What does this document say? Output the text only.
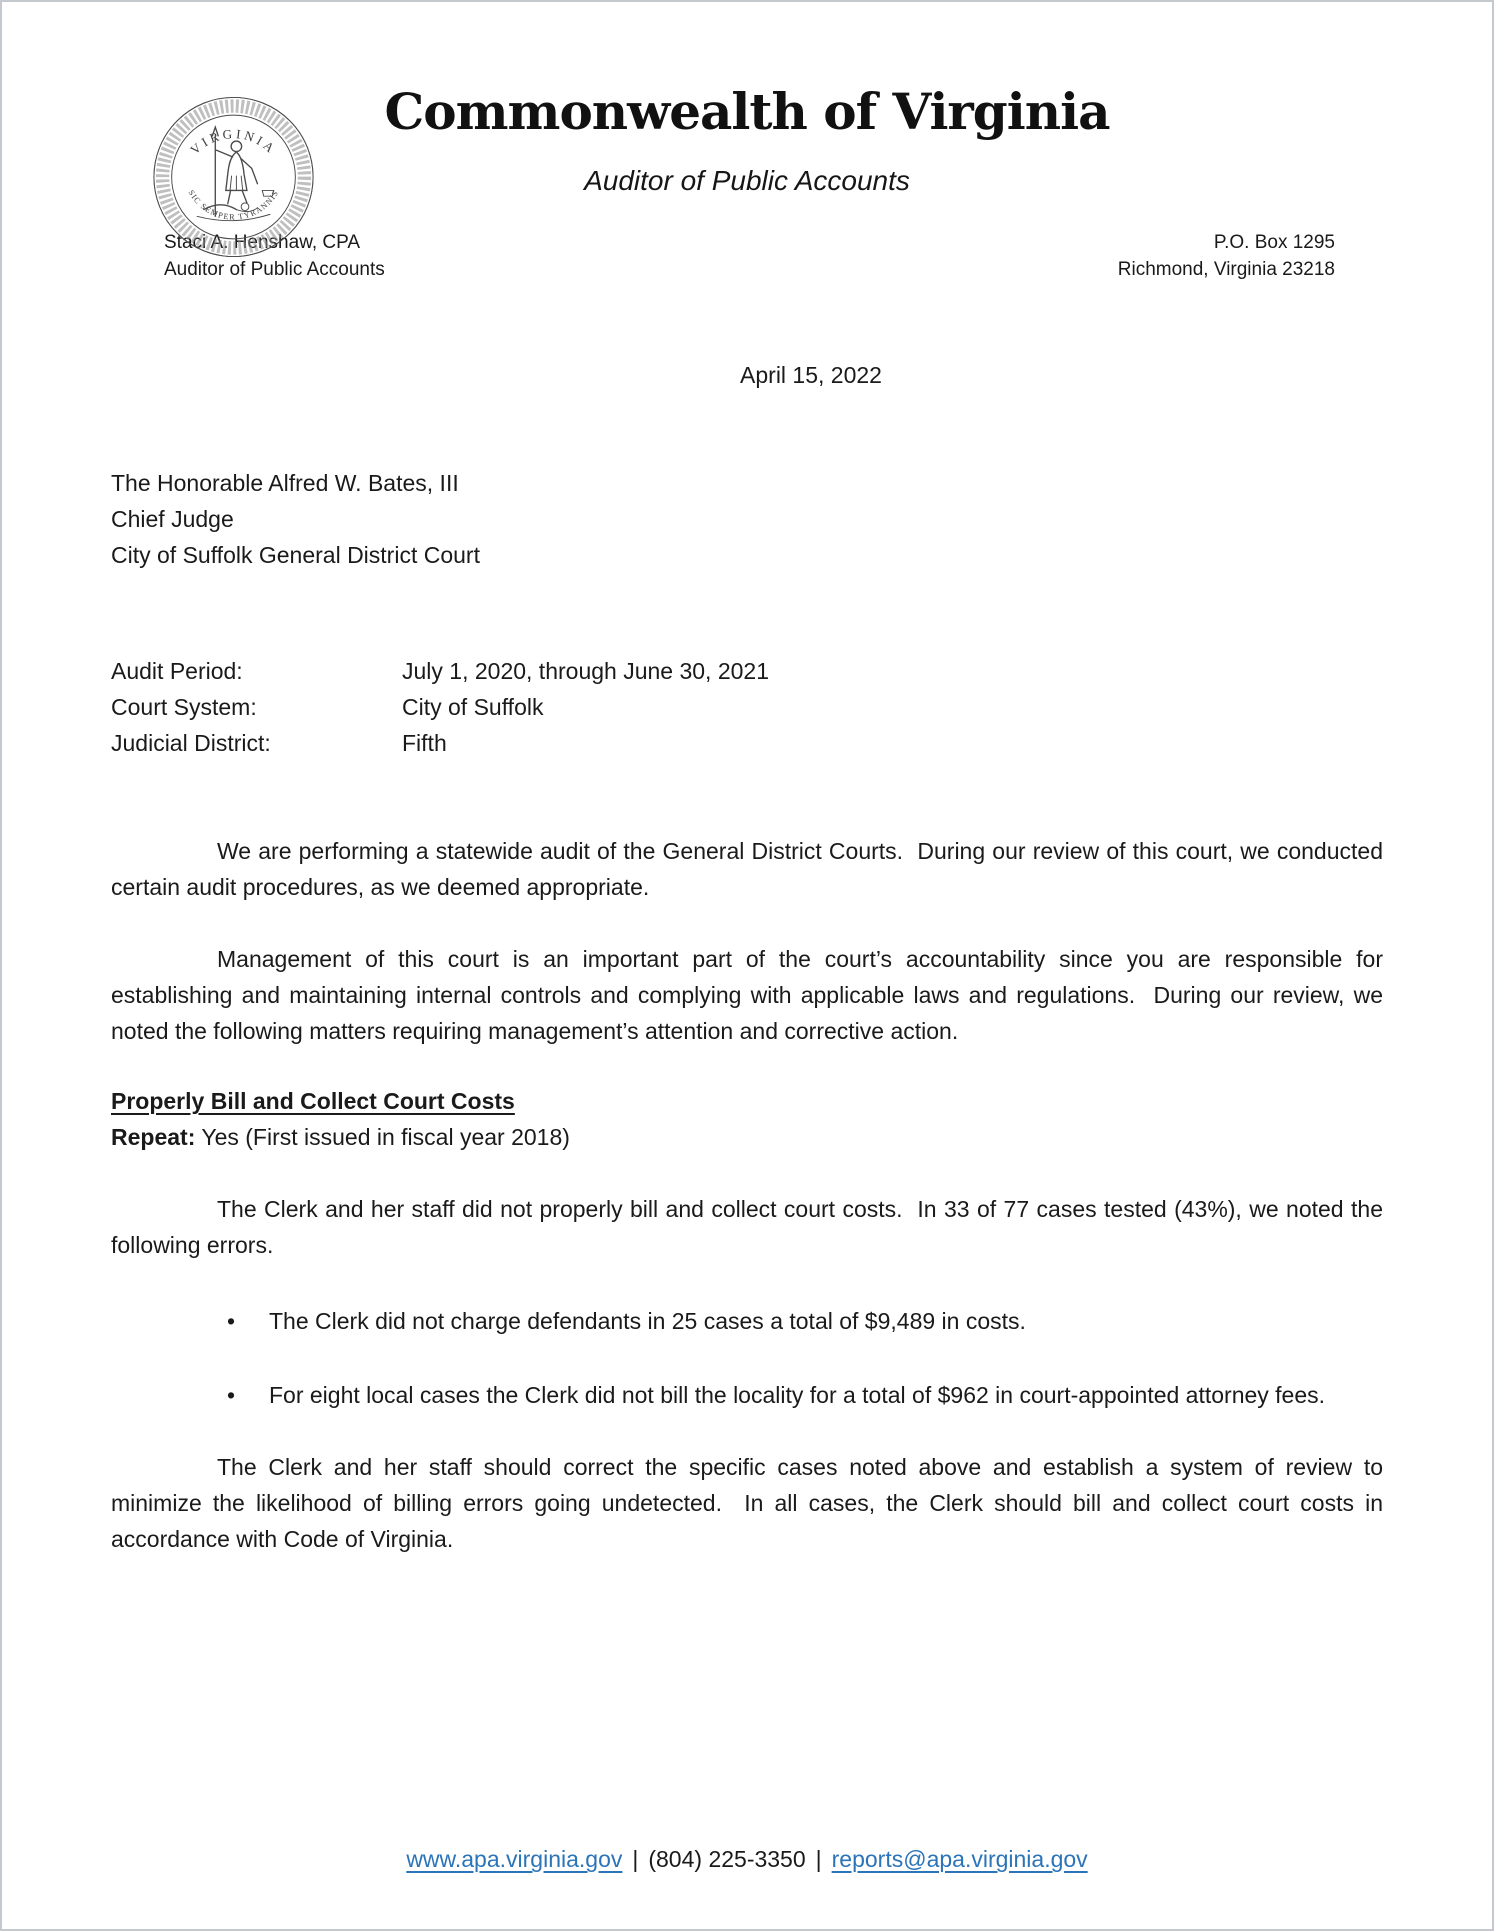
VIRGINIA
SIC SEMPER TYRANNIS
Commonwealth of Virginia
Auditor of Public Accounts
Staci A. Henshaw, CPA
Auditor of Public Accounts
P.O. Box 1295
Richmond, Virginia 23218
April 15, 2022
The Honorable Alfred W. Bates, III
Chief Judge
City of Suffolk General District Court
Audit Period:	July 1, 2020, through June 30, 2021
Court System:	City of Suffolk
Judicial District:	Fifth

We are performing a statewide audit of the General District Courts.  During our review of this court, we conducted certain audit procedures, as we deemed appropriate.

Management of this court is an important part of the court’s accountability since you are responsible for establishing and maintaining internal controls and complying with applicable laws and regulations.  During our review, we noted the following matters requiring management’s attention and corrective action.

Properly Bill and Collect Court Costs
Repeat: Yes (First issued in fiscal year 2018)

The Clerk and her staff did not properly bill and collect court costs.  In 33 of 77 cases tested (43%), we noted the following errors.

• The Clerk did not charge defendants in 25 cases a total of $9,489 in costs.
• For eight local cases the Clerk did not bill the locality for a total of $962 in court-appointed attorney fees.

The Clerk and her staff should correct the specific cases noted above and establish a system of review to minimize the likelihood of billing errors going undetected.  In all cases, the Clerk should bill and collect court costs in accordance with Code of Virginia.

www.apa.virginia.gov | (804) 225-3350 | reports@apa.virginia.gov
